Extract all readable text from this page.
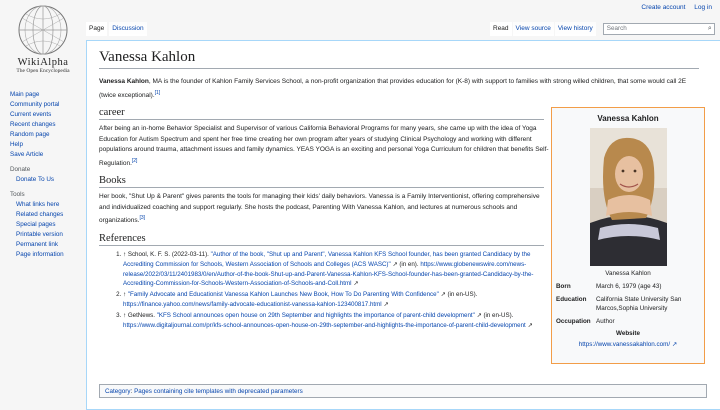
Create account Log in
WikiAlpha
The Open Encyclopedia
Main page
Community portal
Current events
Recent changes
Random page
Help
Save Article
Donate
Donate To Us
Tools
What links here
Related changes
Special pages
Printable version
Permanent link
Page information
Page	Discussion	Read	View source	View history	Search	⌕
Vanessa Kahlon

Vanessa Kahlon, MA is the founder of Kahlon Family Services School, a non-profit organization that provides education for (K-8) with support to families with strong willed children, that some would call 2E (twice exceptional).[1]

career

After being an in-home Behavior Specialist and Supervisor of various California Behavioral Programs for many years, she came up with the idea of Yoga Education for Autism Spectrum and spent her free time creating her own program after years of studying Clinical Psychology and working with different populations around trauma, attachment issues and family dynamics. YEAS YOGA is an exciting and personal Yoga Curriculum for children that benefits Self-Regulation.[2]

Books

Her book, "Shut Up & Parent" gives parents the tools for managing their kids' daily behaviors. Vanessa is a Family Interventionist, offering comprehensive and individualized coaching and support regularly. She hosts the podcast, Parenting With Vanessa Kahlon, and lectures at numerous schools and organizations.[3]

References
1. ↑ School, K. F. S. (2022-03-11). "Author of the book, "Shut up and Parent", Vanessa Kahlon KFS School founder, has been granted Candidacy by the Accrediting Commission for Schools, Western Association of Schools and Colleges (ACS WASC)" ↗ (in en). https://www.globenewswire.com/news-release/2022/03/11/2401983/0/en/Author-of-the-book-Shut-up-and-Parent-Vanessa-Kahlon-KFS-School-founder-has-been-granted-Candidacy-by-the-Accrediting-Commission-for-Schools-Western-Association-of-Schools-and-Coll.html ↗
2. ↑ "Family Advocate and Educationist Vanessa Kahlon Launches New Book, How To Do Parenting With Confidence" ↗ (in en-US). https://finance.yahoo.com/news/family-advocate-educationist-vanessa-kahlon-123400817.html ↗
3. ↑ GetNews. "KFS School announces open house on 29th September and highlights the importance of parent-child development" ↗ (in en-US). https://www.digitaljournal.com/pr/kfs-school-announces-open-house-on-29th-september-and-highlights-the-importance-of-parent-child-development ↗
Category: Pages containing cite templates with deprecated parameters
Vanessa Kahlon
Vanessa Kahlon
Born	March 6, 1979 (age 43)
Education	California State University San Marcos,Sophia University
Occupation Author
Website
https://www.vanessakahlon.com/ ↗
